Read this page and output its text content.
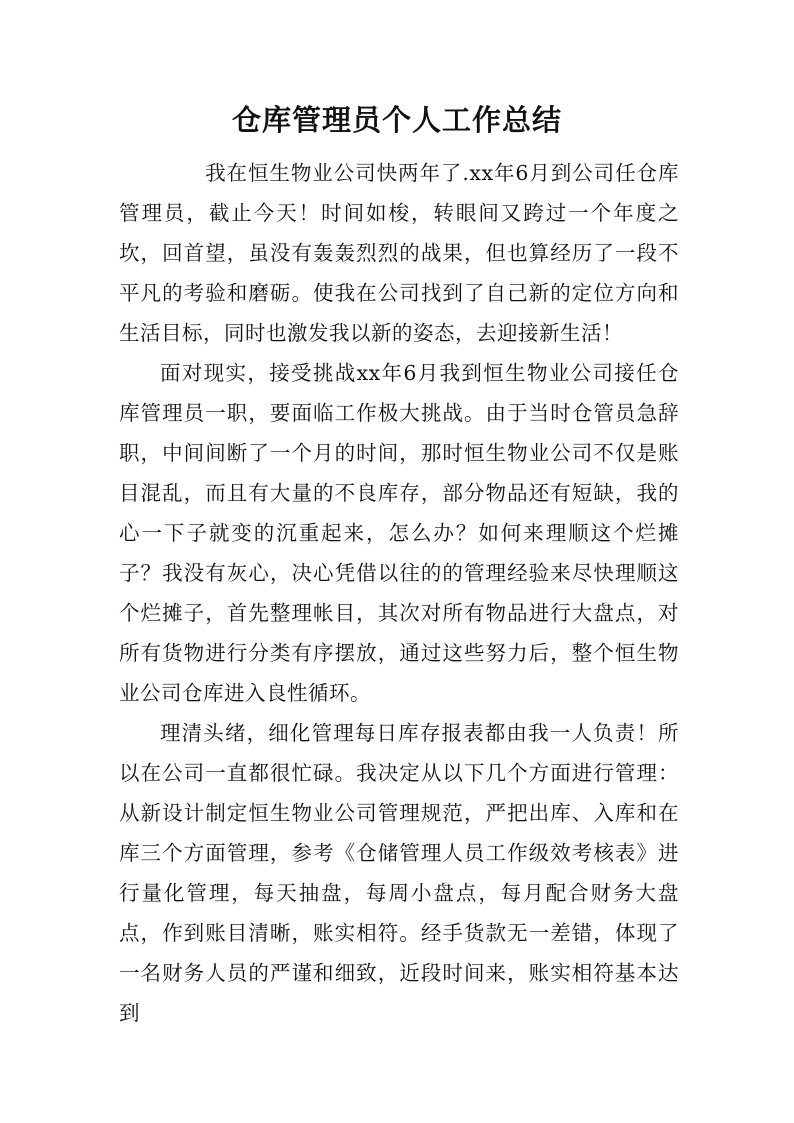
仓库管理员个人工作总结

我在恒生物业公司快两年了.xx年6月到公司任仓库管理员，截止今天！时间如梭，转眼间又跨过一个年度之坎，回首望，虽没有轰轰烈烈的战果，但也算经历了一段不平凡的考验和磨砺。使我在公司找到了自己新的定位方向和生活目标，同时也激发我以新的姿态，去迎接新生活！

面对现实，接受挑战xx年6月我到恒生物业公司接任仓库管理员一职，要面临工作极大挑战。由于当时仓管员急辞职，中间间断了一个月的时间，那时恒生物业公司不仅是账目混乱，而且有大量的不良库存，部分物品还有短缺，我的心一下子就变的沉重起来，怎么办？如何来理顺这个烂摊子？我没有灰心，决心凭借以往的的管理经验来尽快理顺这个烂摊子，首先整理帐目，其次对所有物品进行大盘点，对所有货物进行分类有序摆放，通过这些努力后，整个恒生物业公司仓库进入良性循环。

理清头绪，细化管理每日库存报表都由我一人负责！所以在公司一直都很忙碌。我决定从以下几个方面进行管理：从新设计制定恒生物业公司管理规范，严把出库、入库和在库三个方面管理，参考《仓储管理人员工作级效考核表》进行量化管理，每天抽盘，每周小盘点，每月配合财务大盘点，作到账目清晰，账实相符。经手货款无一差错，体现了一名财务人员的严谨和细致，近段时间来，账实相符基本达到
